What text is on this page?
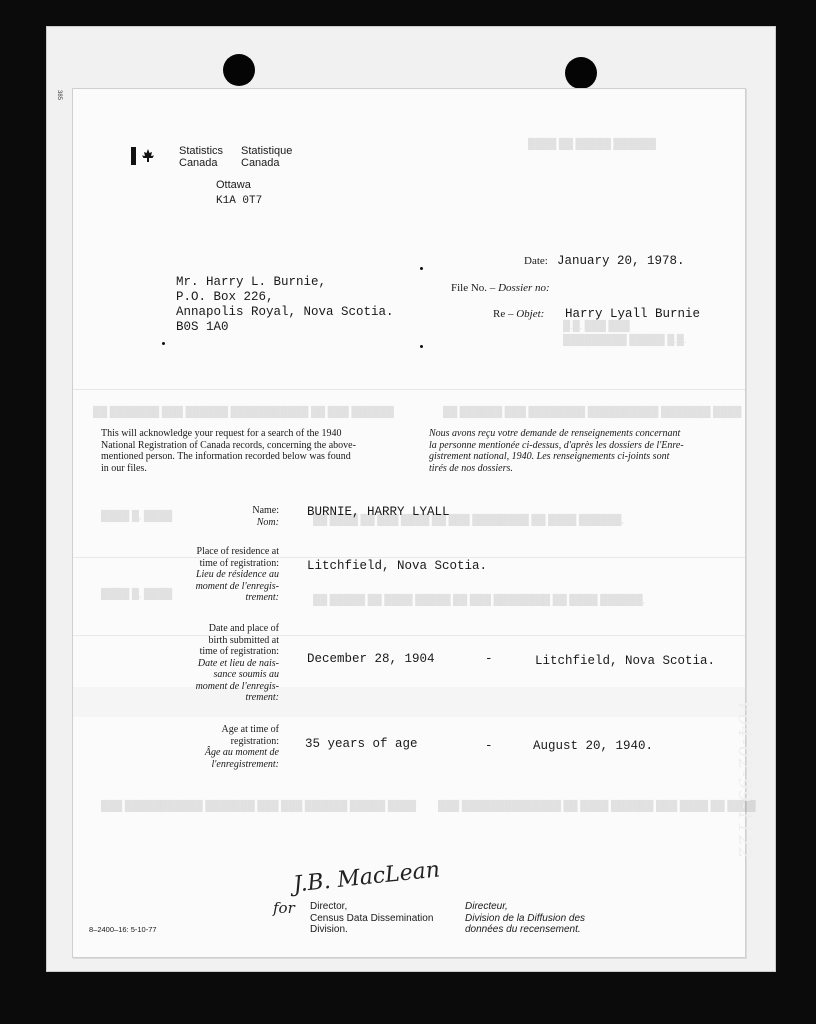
385
████ ██ █████ ██████
█.█. ███ ███
█████████ █████ █.█.
██ ███████ ███ ██████ ███████████ ██ ███ ██████	██ ██████ ███ ████████ ██████████ ███████ ████
████ █, ████	██ ████ ██ ███ ████ ██ ███ ████████ ██ ████ ██████,
████ █, ████
██ █████ ██ ████ █████ ██ ███ ████████ ██ ████ ██████,
███ ███████████ ███████ ███ ███ ██████ █████ ████ ███ ██████████████ ██ ████ ██████ ███ ████ ██ ████
Statistics
Canada
Statistique
Canada
Ottawa
K1A 0T7
Date: January 20, 1978.
Mr. Harry L. Burnie,
P.O. Box 226,
Annapolis Royal, Nova Scotia.
B0S 1A0
File No. – Dossier no:
Re – Objet: Harry Lyall Burnie
This will acknowledge your request for a search of the 1940
National Registration of Canada records, concerning the above-
mentioned person. The information recorded below was found
in our files.
Nous avons reçu votre demande de renseignements concernant
la personne mentionée ci-dessus, d'après les dossiers de l'Enre-
gistrement national, 1940. Les renseignements ci-joints sont
tirés de nos dossiers.
Name:
Nom:
BURNIE, HARRY LYALL
Place of residence at
time of registration:
Lieu de résidence au
moment de l'enregis-
trement:
Litchfield, Nova Scotia.
Date and place of
birth submitted at
time of registration:
Date et lieu de nais-
sance soumis au
moment de l'enregis-
trement:
December 28, 1904	-	Litchfield, Nova Scotia.
Age at time of
registration:
Âge au moment de
l'enregistrement:
35 years of age	-	August 20, 1940.
J.B. MacLean
for Director,
Census Data Dissemination
Division.
Directeur,
Division de la Diffusion des
données du recensement.
8–2400–16: 5-10-77
V04-02-99-1122
